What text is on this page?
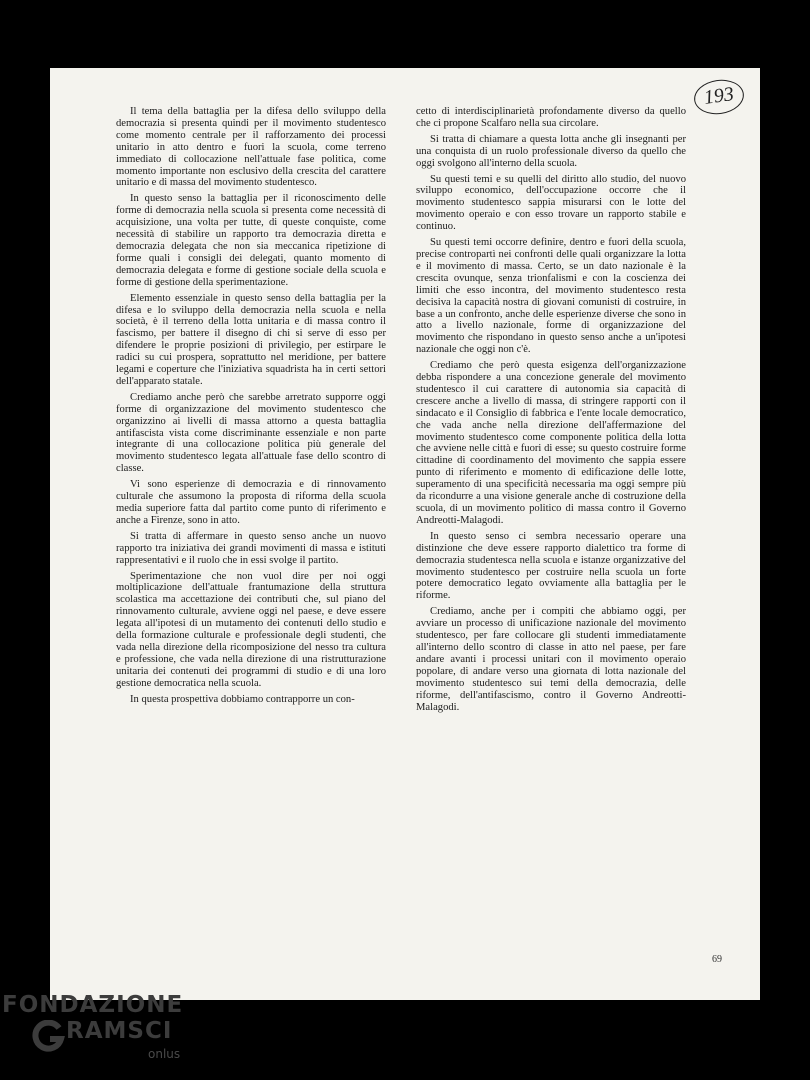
193

Il tema della battaglia per la difesa dello sviluppo della democrazia si presenta quindi per il movimento studentesco come momento centrale per il rafforzamento dei processi unitario in atto dentro e fuori la scuola, come terreno immediato di collocazione nell'attuale fase politica, come momento importante non esclusivo della crescita del carattere unitario e di massa del movimento studentesco.

In questo senso la battaglia per il riconoscimento delle forme di democrazia nella scuola si presenta come necessità di acquisizione, una volta per tutte, di queste conquiste, come necessità di stabilire un rapporto tra democrazia diretta e democrazia delegata che non sia meccanica ripetizione di forme quali i consigli dei delegati, quanto momento di democrazia delegata e forme di gestione sociale della scuola e forme di gestione della sperimentazione.

Elemento essenziale in questo senso della battaglia per la difesa e lo sviluppo della democrazia nella scuola e nella società, è il terreno della lotta unitaria e di massa contro il fascismo, per battere il disegno di chi si serve di esso per difendere le proprie posizioni di privilegio, per estirpare le radici su cui prospera, soprattutto nel meridione, per battere legami e coperture che l'iniziativa squadrista ha in certi settori dell'apparato statale.

Crediamo anche però che sarebbe arretrato supporre oggi forme di organizzazione del movimento studentesco che organizzino ai livelli di massa attorno a questa battaglia antifascista vista come discriminante essenziale e non parte integrante di una collocazione politica più generale del movimento studentesco legata all'attuale fase dello scontro di classe.

Vi sono esperienze di democrazia e di rinnovamento culturale che assumono la proposta di riforma della scuola media superiore fatta dal partito come punto di riferimento e anche a Firenze, sono in atto.

Si tratta di affermare in questo senso anche un nuovo rapporto tra iniziativa dei grandi movimenti di massa e istituti rappresentativi e il ruolo che in essi svolge il partito.

Sperimentazione che non vuol dire per noi oggi moltiplicazione dell'attuale frantumazione della struttura scolastica ma accettazione dei contributi che, sul piano del rinnovamento culturale, avviene oggi nel paese, e deve essere legata all'ipotesi di un mutamento dei contenuti dello studio e della formazione culturale e professionale degli studenti, che vada nella direzione della ricomposizione del nesso tra cultura e professione, che vada nella direzione di una ristrutturazione unitaria dei contenuti dei programmi di studio e di una loro gestione democratica nella scuola.

In questa prospettiva dobbiamo contrapporre un con-

cetto di interdisciplinarietà profondamente diverso da quello che ci propone Scalfaro nella sua circolare.

Si tratta di chiamare a questa lotta anche gli insegnanti per una conquista di un ruolo professionale diverso da quello che oggi svolgono all'interno della scuola.

Su questi temi e su quelli del diritto allo studio, del nuovo sviluppo economico, dell'occupazione occorre che il movimento studentesco sappia misurarsi con le lotte del movimento operaio e con esso trovare un rapporto stabile e continuo.

Su questi temi occorre definire, dentro e fuori della scuola, precise contropartì nei confronti delle quali organizzare la lotta e il movimento di massa. Certo, se un dato nazionale è la crescita ovunque, senza trionfalismi e con la coscienza dei limiti che esso incontra, del movimento studentesco resta decisiva la capacità nostra di giovani comunisti di costruire, in base a un confronto, anche delle esperienze diverse che sono in atto a livello nazionale, forme di organizzazione del movimento che rispondano in questo senso anche a un'ipotesi nazionale che oggi non c'è.

Crediamo che però questa esigenza dell'organizzazione debba rispondere a una concezione generale del movimento studentesco il cui carattere di autonomia sia capacità di crescere anche a livello di massa, di stringere rapporti con il sindacato e il Consiglio di fabbrica e l'ente locale democratico, che vada anche nella direzione dell'affermazione del movimento studentesco come componente politica della lotta che avviene nelle città e fuori di esse; su questo costruire forme cittadine di coordinamento del movimento che sappia essere punto di riferimento e momento di edificazione delle lotte, superamento di una specificità necessaria ma oggi sempre più da ricondurre a una visione generale anche di costruzione della scuola, di un movimento politico di massa contro il Governo Andreotti-Malagodi.

In questo senso ci sembra necessario operare una distinzione che deve essere rapporto dialettico tra forme di democrazia studentesca nella scuola e istanze organizzative del movimento studentesco per costruire nella scuola un forte potere democratico legato ovviamente alla battaglia per le riforme.

Crediamo, anche per i compiti che abbiamo oggi, per avviare un processo di unificazione nazionale del movimento studentesco, per fare collocare gli studenti immediatamente all'interno dello scontro di classe in atto nel paese, per fare andare avanti i processi unitari con il movimento operaio popolare, di andare verso una giornata di lotta nazionale del movimento studentesco sui temi della democrazia, delle riforme, dell'antifascismo, contro il Governo Andreotti-Malagodi.

69
FONDAZIONE
RAMSCI
onlus
